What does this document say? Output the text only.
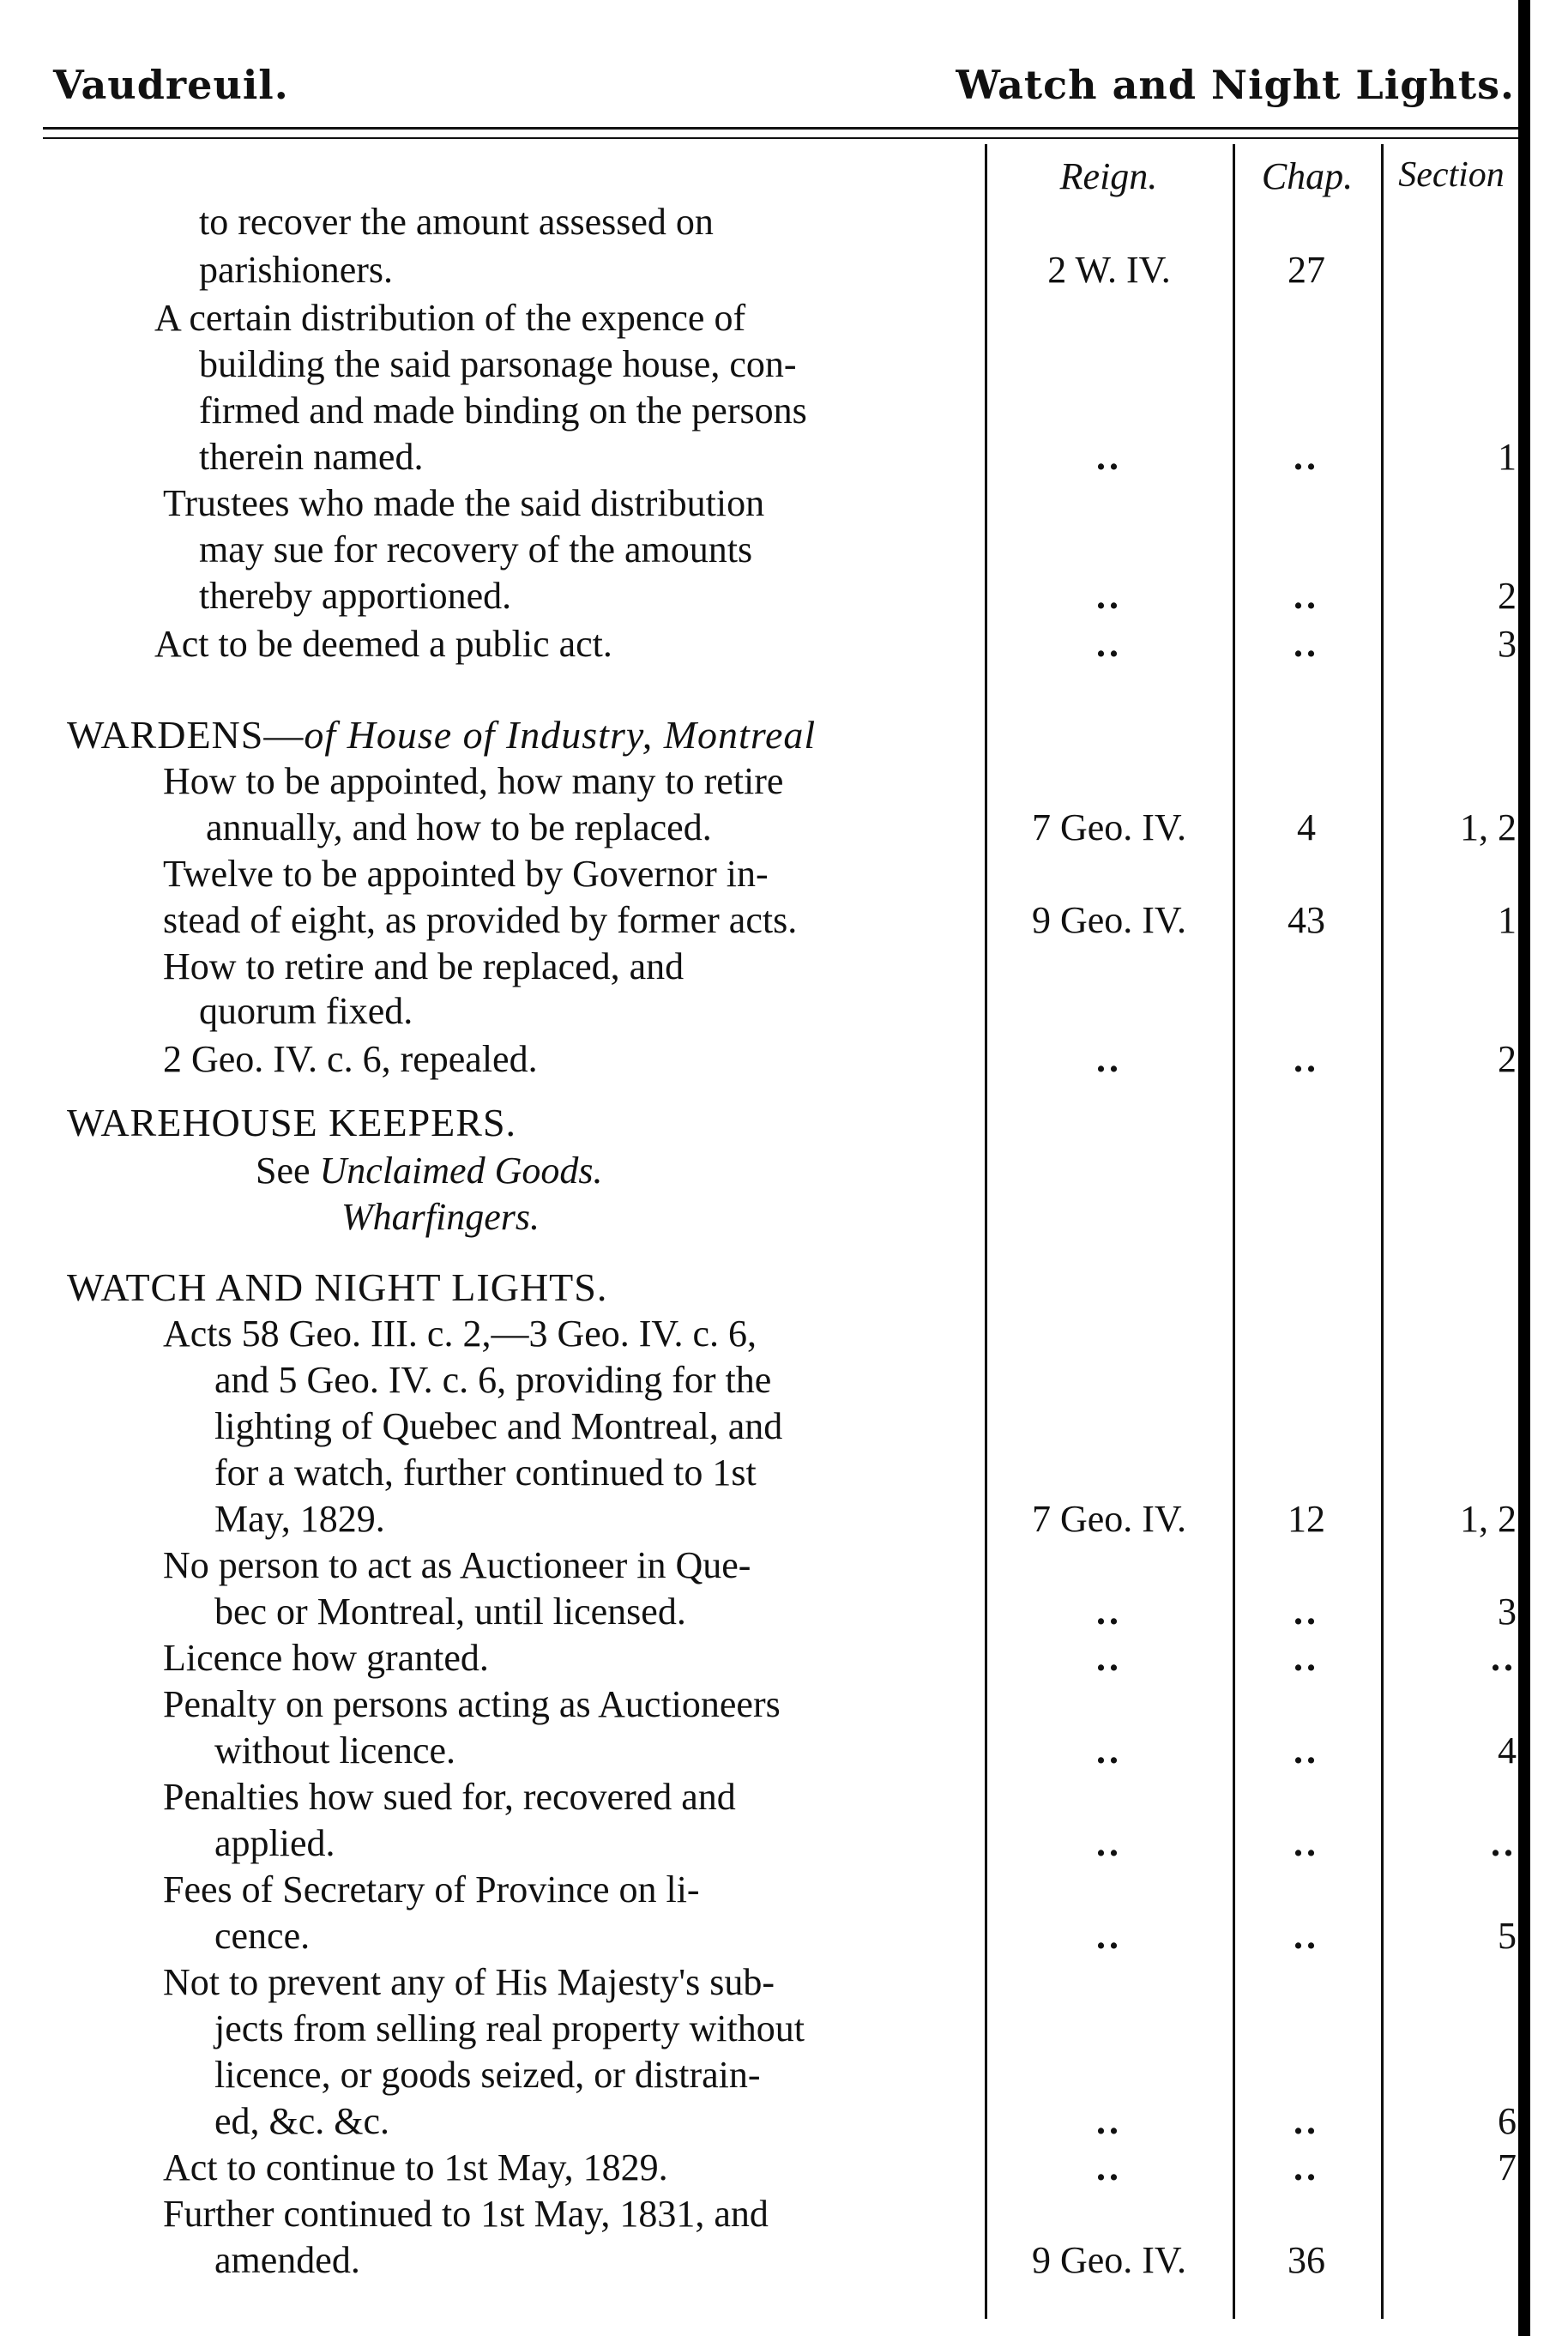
Vaudreuil.	Watch and Night Lights.
Reign.	Chap.	Section
to recover the amount assessed on
parishioners.	2 W. IV.	27
A certain distribution of the expence of
building the said parsonage house, con-
firmed and made binding on the persons
therein named.	..	..	1
Trustees who made the said distribution
may sue for recovery of the amounts
thereby apportioned.	..	..	2
Act to be deemed a public act.	..	..	3
WARDENS—of House of Industry, Montreal
How to be appointed, how many to retire
annually, and how to be replaced.	7 Geo. IV.	4	1, 2
Twelve to be appointed by Governor in-
stead of eight, as provided by former acts.	9 Geo. IV.	43	1
How to retire and be replaced, and
quorum fixed.
2 Geo. IV. c. 6, repealed.	..	..	2
WAREHOUSE KEEPERS.
See Unclaimed Goods.
Wharfingers.
WATCH AND NIGHT LIGHTS.
Acts 58 Geo. III. c. 2,—3 Geo. IV. c. 6,
and 5 Geo. IV. c. 6, providing for the
lighting of Quebec and Montreal, and
for a watch, further continued to 1st
May, 1829.	7 Geo. IV.	12	1, 2
No person to act as Auctioneer in Que-
bec or Montreal, until licensed.	..	..	3
Licence how granted.	..	..	..
Penalty on persons acting as Auctioneers
without licence.	..	..	4
Penalties how sued for, recovered and
applied.	..	..	..
Fees of Secretary of Province on li-
cence.	..	..	5
Not to prevent any of His Majesty's sub-
jects from selling real property without
licence, or goods seized, or distrain-
ed, &c. &c.	..	..	6
Act to continue to 1st May, 1829.	..	..	7
Further continued to 1st May, 1831, and
amended.	9 Geo. IV.	36
